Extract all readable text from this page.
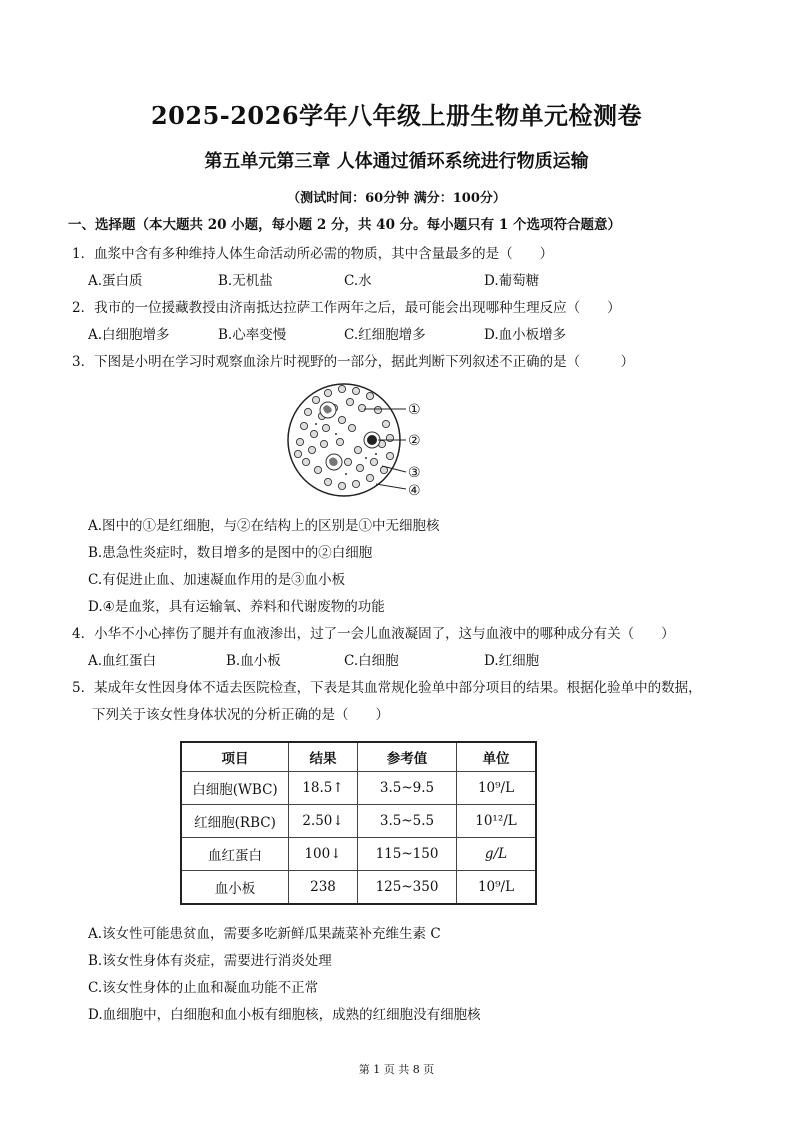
2025-2026学年八年级上册生物单元检测卷
第五单元第三章 人体通过循环系统进行物质运输
（测试时间：60分钟 满分：100分）
一、选择题（本大题共 20 小题，每小题 2 分，共 40 分。每小题只有 1 个选项符合题意）
1．血浆中含有多种维持人体生命活动所必需的物质，其中含量最多的是（　　）
A.蛋白质	B.无机盐	C.水	D.葡萄糖
2．我市的一位援藏教授由济南抵达拉萨工作两年之后，最可能会出现哪种生理反应（　　）
A.白细胞增多	B.心率变慢	C.红细胞增多	D.血小板增多
3．下图是小明在学习时观察血涂片时视野的一部分，据此判断下列叙述不正确的是（　　　）
①
②
③
④
A.图中的①是红细胞，与②在结构上的区别是①中无细胞核
B.患急性炎症时，数目增多的是图中的②白细胞
C.有促进止血、加速凝血作用的是③血小板
D.④是血浆，具有运输氧、养料和代谢废物的功能
4．小华不小心摔伤了腿并有血液渗出，过了一会儿血液凝固了，这与血液中的哪种成分有关（　　）
A.血红蛋白	B.血小板	C.白细胞	D.红细胞
5．某成年女性因身体不适去医院检查，下表是其血常规化验单中部分项目的结果。根据化验单中的数据，
下列关于该女性身体状况的分析正确的是（　　）
项目	结果	参考值	单位
白细胞(WBC)	18.5↑	3.5~9.5	10⁹/L
红细胞(RBC)	2.50↓	3.5~5.5	10¹²/L
血红蛋白	100↓	115~150	g/L
血小板	238	125~350	10⁹/L
A.该女性可能患贫血，需要多吃新鲜瓜果蔬菜补充维生素 C
B.该女性身体有炎症，需要进行消炎处理
C.该女性身体的止血和凝血功能不正常
D.血细胞中，白细胞和血小板有细胞核，成熟的红细胞没有细胞核
第 1 页 共 8 页
